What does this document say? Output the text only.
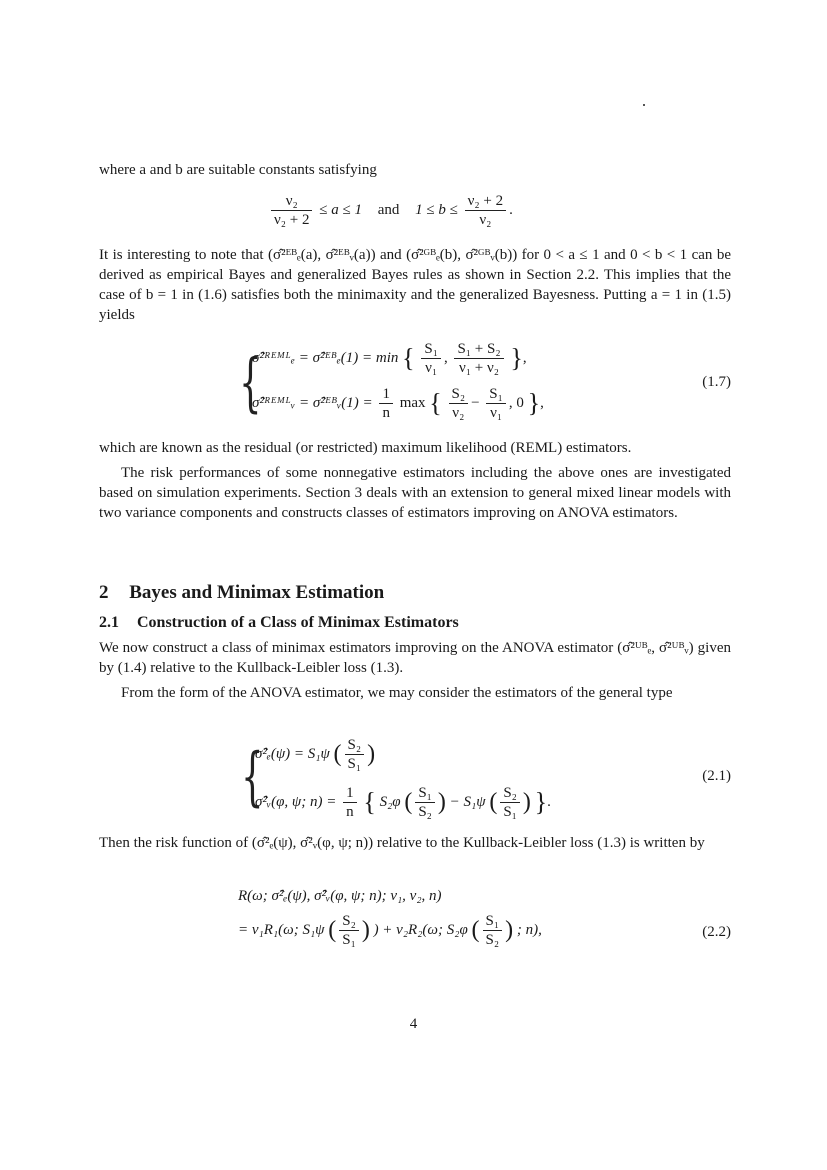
where a and b are suitable constants satisfying
$\frac{\text{ν₂}}{\text{ν₂ + 2}} \le a \le 1$ and $1 \le b \le \frac{\text{ν₂ + 2}}{\text{ν₂}}$ .
It is interesting to note that (σ̂²ᴱᴮₑ(a), σ̂²ᴱᴮᵥ(a)) and (σ̂²ᴳᴮₑ(b), σ̂²ᴳᴮᵥ(b)) for 0 < a ≤ 1 and 0 < b < 1 can be derived as empirical Bayes and generalized Bayes rules as shown in Section 2.2. This implies that the case of b = 1 in (1.6) satisfies both the minimaxity and the generalized Bayesness. Putting a = 1 in (1.5) yields
{
σ̂²ᴿᴱᴹᴸₑ = σ̂²ᴱᴮₑ(1) = min { $\frac{\text{S₁}}{\text{ν₁}}$ , $\frac{\text{S₁ + S₂}}{\text{ν₁ + ν₂}}$ },
σ̂²ᴿᴱᴹᴸᵥ = σ̂²ᴱᴮᵥ(1) = $\frac{1}{n}$ max { $\frac{\text{S₂}}{\text{ν₂}} - \frac{\text{S₁}}{\text{ν₁}}$ , 0 },
(1.7)
which are known as the residual (or restricted) maximum likelihood (REML) estimators.
The risk performances of some nonnegative estimators including the above ones are investigated based on simulation experiments. Section 3 deals with an extension to general mixed linear models with two variance components and constructs classes of estimators improving on ANOVA estimators.
2 Bayes and Minimax Estimation
2.1 Construction of a Class of Minimax Estimators
We now construct a class of minimax estimators improving on the ANOVA estimator (σ̂²ᵁᴮₑ, σ̂²ᵁᴮᵥ) given by (1.4) relative to the Kullback-Leibler loss (1.3).
From the form of the ANOVA estimator, we may consider the estimators of the general type
{
σ̂²ₑ(ψ) = S₁ψ ( $\frac{\text{S₂}}{\text{S₁}}$ )
σ̂²ᵥ(φ, ψ; $n) = \frac{1}{n}$ { S₂φ ( $\frac{\text{S₁}}{\text{S₂}}$ ) − S₁ψ ( $\frac{\text{S₂}}{\text{S₁}}$ ) }.
(2.1)
Then the risk function of (σ̂²ₑ(ψ), σ̂²ᵥ(φ, ψ; n)) relative to the Kullback-Leibler loss (1.3) is written by
R(ω; σ̂²ₑ(ψ), σ̂²ᵥ(φ, ψ; n); ν₁, ν₂, n)
= ν₁R₁(ω; S₁ψ ( $\frac{\text{S₂}}{\text{S₁}}$ ) ) + ν₂R₂(ω; S₂φ ( $\frac{\text{S₁}}{\text{S₂}}$ ) ; n),	(2.2)
4
